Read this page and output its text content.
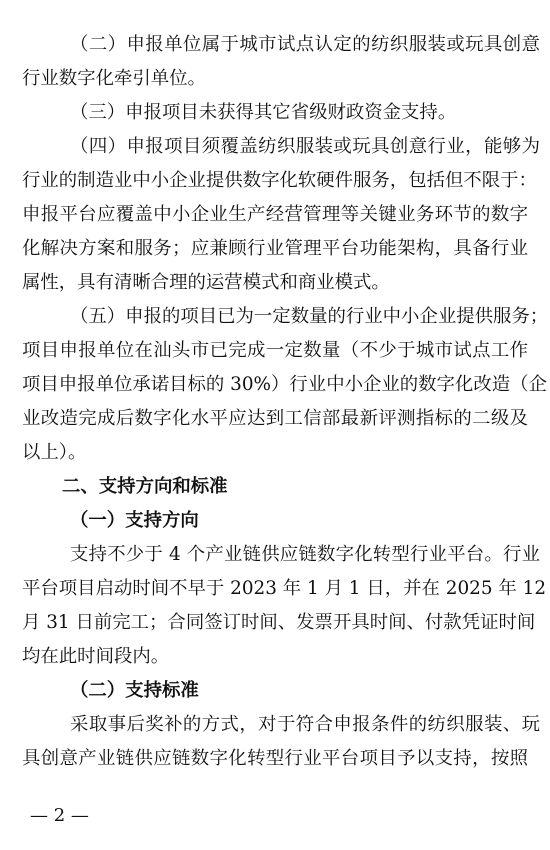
（二）申报单位属于城市试点认定的纺织服装或玩具创意
行业数字化牵引单位。
（三）申报项目未获得其它省级财政资金支持。
（四）申报项目须覆盖纺织服装或玩具创意行业，能够为
行业的制造业中小企业提供数字化软硬件服务，包括但不限于：
申报平台应覆盖中小企业生产经营管理等关键业务环节的数字
化解决方案和服务；应兼顾行业管理平台功能架构，具备行业
属性，具有清晰合理的运营模式和商业模式。
（五）申报的项目已为一定数量的行业中小企业提供服务；
项目申报单位在汕头市已完成一定数量（不少于城市试点工作
项目申报单位承诺目标的 30%）行业中小企业的数字化改造（企
业改造完成后数字化水平应达到工信部最新评测指标的二级及
以上）。
二、支持方向和标准
（一）支持方向
支持不少于 4 个产业链供应链数字化转型行业平台。行业
平台项目启动时间不早于 2023 年 1 月 1 日，并在 2025 年 12
月 31 日前完工；合同签订时间、发票开具时间、付款凭证时间
均在此时间段内。
（二）支持标准
采取事后奖补的方式，对于符合申报条件的纺织服装、玩
具创意产业链供应链数字化转型行业平台项目予以支持，按照
— 2 —
